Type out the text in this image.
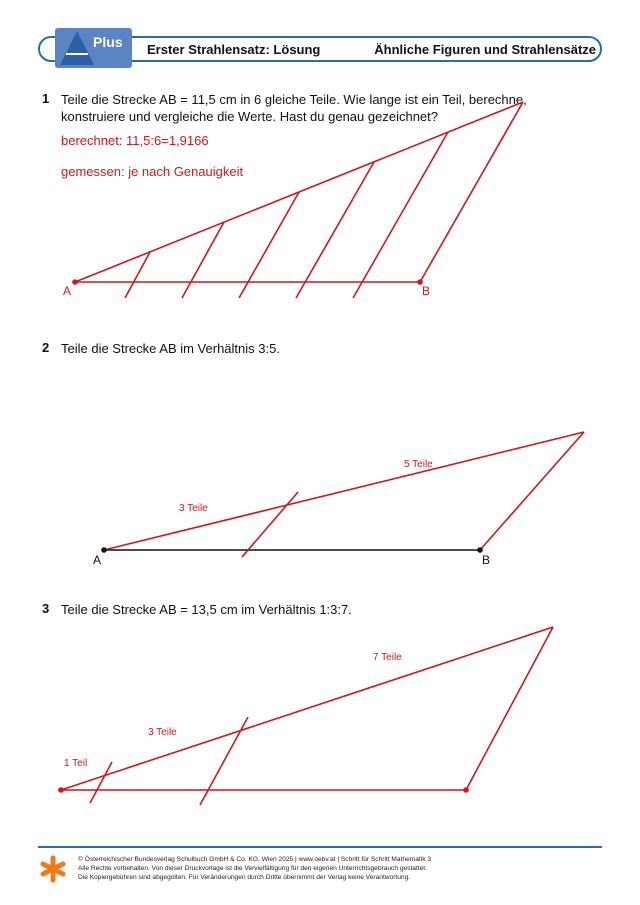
Plus Erster Strahlensatz: Lösung	Ähnliche Figuren und Strahlensätze
1 Teile die Strecke AB = 11,5 cm in 6 gleiche Teile. Wie lange ist ein Teil, berechne,
konstruiere und vergleiche die Werte. Hast du genau gezeichnet?
berechnet: 11,5:6=1,9166
gemessen: je nach Genauigkeit
2 Teile die Strecke AB im Verhältnis 3:5.
3 Teile die Strecke AB = 13,5 cm im Verhältnis 1:3:7.
A	B
A	B
3 Teile
5 Teile
1 Teil
3 Teile
7 Teile
© Österreichischer Bundesverlag Schulbuch GmbH & Co. KG, Wien 2025 | www.oebv.at | Schritt für Schritt Mathematik 3
Alle Rechte vorbehalten. Von dieser Druckvorlage ist die Vervielfältigung für den eigenen Unterrichtsgebrauch gestattet.
Die Kopiergebühren sind abgegolten. Für Veränderungen durch Dritte übernimmt der Verlag keine Verantwortung.
